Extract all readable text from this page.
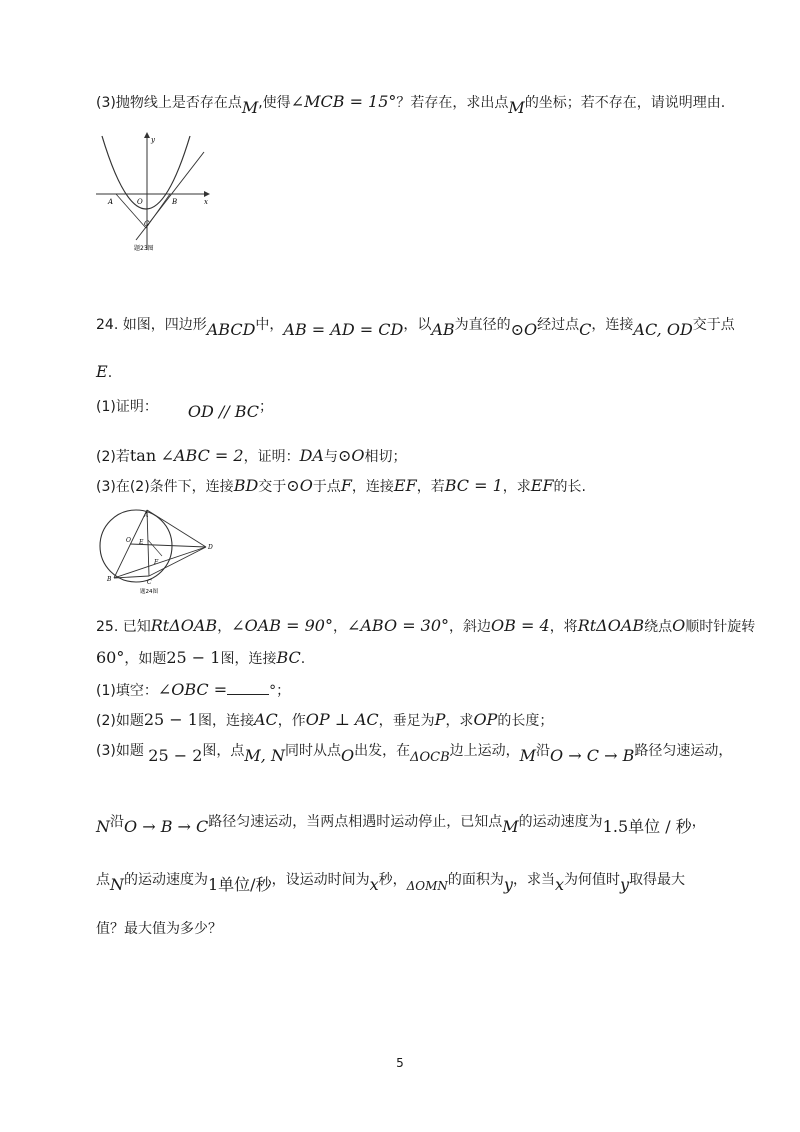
(3)抛物线上是否存在点M,使得∠MCB = 15°？若存在，求出点M的坐标；若不存在，请说明理由.
y
A	O	B	x
C
题23图
24. 如图，四边形ABCD中，AB = AD = CD，以AB为直径的⊙O经过点C，连接AC, OD交于点
E.
(1)证明： OD // BC；
(2)若tan ∠ABC = 2，证明：DA与⊙O相切；
(3)在(2)条件下，连接BD交于⊙O于点F，连接EF，若BC = 1，求EF的长.
A
O E
D
F
B	C
题24图
25. 已知RtΔOAB，∠OAB = 90°，∠ABO = 30°，斜边OB = 4，将RtΔOAB绕点O顺时针旋转
60°，如题25 − 1图，连接BC.
(1)填空：∠OBC =	°；
(2)如题25 − 1图，连接AC，作OP ⊥ AC，垂足为P，求OP的长度；
(3)如题 25 − 2图，点M, N同时从点O出发，在ΔOCB边上运动，M沿O → C → B路径匀速运动，
N沿O → B → C路径匀速运动，当两点相遇时运动停止，已知点M的运动速度为1.5单位 / 秒，
点N的运动速度为1单位/秒，设运动时间为x秒，ΔOMN的面积为y，求当x为何值时y取得最大
值？最大值为多少？
5
